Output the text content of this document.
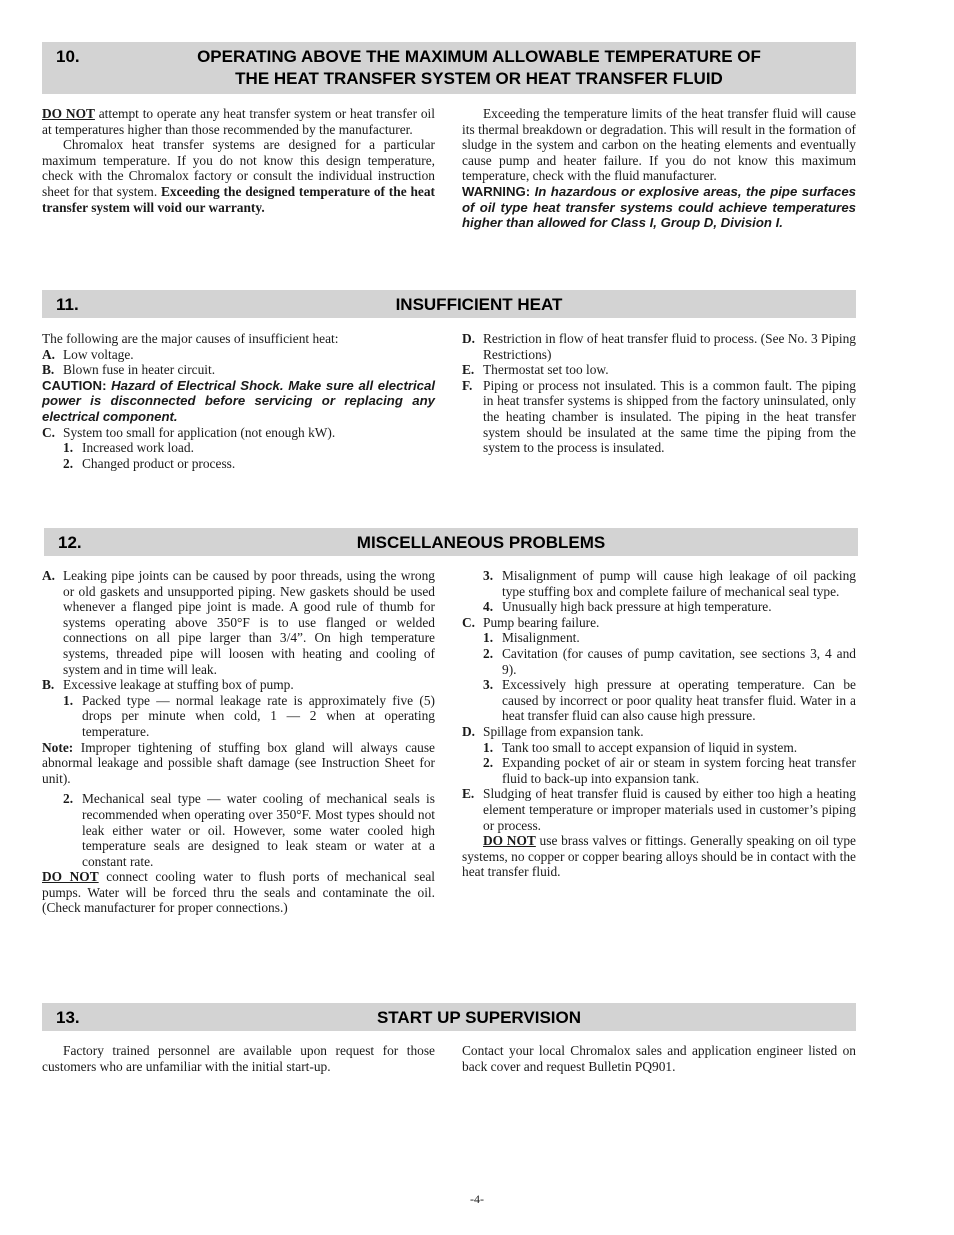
10.	OPERATING ABOVE THE MAXIMUM ALLOWABLE TEMPERATURE OF
THE HEAT TRANSFER SYSTEM OR HEAT TRANSFER FLUID

DO NOT attempt to operate any heat transfer system or heat transfer oil at temperatures higher than those recommended by the manufacturer.

Chromalox heat transfer systems are designed for a particular maximum temperature. If you do not know this design temperature, check with the Chromalox factory or consult the individual instruction sheet for that system. Exceeding the designed temperature of the heat transfer system will void our warranty.

Exceeding the temperature limits of the heat transfer fluid will cause its thermal breakdown or degradation. This will result in the formation of sludge in the system and carbon on the heating elements and eventually cause pump and heater failure. If you do not know this maximum temperature, check with the fluid manufacturer.

WARNING: In hazardous or explosive areas, the pipe surfaces of oil type heat transfer systems could achieve temperatures higher than allowed for Class I, Group D, Division I.

11.	INSUFFICIENT HEAT

The following are the major causes of insufficient heat:

A. Low voltage.
B. Blown fuse in heater circuit.

CAUTION: Hazard of Electrical Shock. Make sure all electrical power is disconnected before servicing or replacing any electrical component.

C. System too small for application (not enough kW).
1. Increased work load.
2. Changed product or process.
D. Restriction in flow of heat transfer fluid to process. (See No. 3 Piping Restrictions)
E. Thermostat set too low.
F. Piping or process not insulated. This is a common fault. The piping in heat transfer systems is shipped from the factory uninsulated, only the heating chamber is insulated. The piping in the heat transfer system should be insulated at the same time the piping from the system to the process is insulated.
12.	MISCELLANEOUS PROBLEMS
A. Leaking pipe joints can be caused by poor threads, using the wrong or old gaskets and unsupported piping. New gaskets should be used whenever a flanged pipe joint is made. A good rule of thumb for systems operating above 350°F is to use flanged or welded connections on all pipe larger than 3/4”. On high temperature systems, threaded pipe will loosen with heating and cooling of system and in time will leak.
B. Excessive leakage at stuffing box of pump.
1. Packed type — normal leakage rate is approximately five (5) drops per minute when cold, 1 — 2 when at operating temperature.

Note: Improper tightening of stuffing box gland will always cause abnormal leakage and possible shaft damage (see Instruction Sheet for unit).

2. Mechanical seal type — water cooling of mechanical seals is recommended when operating over 350°F. Most types should not leak either water or oil. However, some water cooled high temperature seals are designed to leak steam or water at a constant rate.

DO NOT connect cooling water to flush ports of mechanical seal pumps. Water will be forced thru the seals and contaminate the oil. (Check manufacturer for proper connections.)

3. Misalignment of pump will cause high leakage of oil packing type stuffing box and complete failure of mechanical seal type.
4. Unusually high back pressure at high temperature.
C. Pump bearing failure.
1. Misalignment.
2. Cavitation (for causes of pump cavitation, see sections 3, 4 and 9).
3. Excessively high pressure at operating temperature. Can be caused by incorrect or poor quality heat transfer fluid. Water in a heat transfer fluid can also cause high pressure.
D. Spillage from expansion tank.
1. Tank too small to accept expansion of liquid in system.
2. Expanding pocket of air or steam in system forcing heat transfer fluid to back-up into expansion tank.
E. Sludging of heat transfer fluid is caused by either too high a heating element temperature or improper materials used in customer’s piping or process.

DO NOT use brass valves or fittings. Generally speaking on oil type systems, no copper or copper bearing alloys should be in contact with the heat transfer fluid.

13.	START UP SUPERVISION

Factory trained personnel are available upon request for those customers who are unfamiliar with the initial start-up.

Contact your local Chromalox sales and application engineer listed on back cover and request Bulletin PQ901.

-4-
